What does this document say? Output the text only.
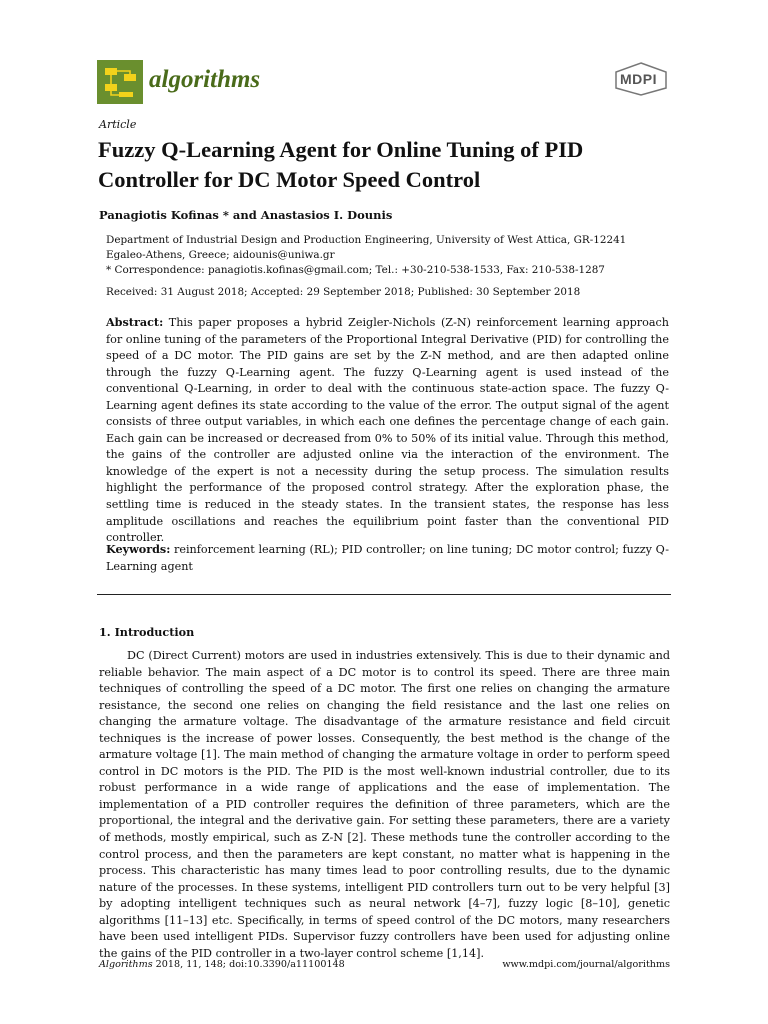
algorithms	MDPI
Article
Fuzzy Q-Learning Agent for Online Tuning of PID Controller for DC Motor Speed Control
Panagiotis Kofinas * and Anastasios I. Dounis
Department of Industrial Design and Production Engineering, University of West Attica, GR-12241 Egaleo-Athens, Greece; aidounis@uniwa.gr
* Correspondence: panagiotis.kofinas@gmail.com; Tel.: +30-210-538-1533, Fax: 210-538-1287
Received: 31 August 2018; Accepted: 29 September 2018; Published: 30 September 2018
Abstract: This paper proposes a hybrid Zeigler-Nichols (Z-N) reinforcement learning approach for online tuning of the parameters of the Proportional Integral Derivative (PID) for controlling the speed of a DC motor. The PID gains are set by the Z-N method, and are then adapted online through the fuzzy Q-Learning agent. The fuzzy Q-Learning agent is used instead of the conventional Q-Learning, in order to deal with the continuous state-action space. The fuzzy Q-Learning agent defines its state according to the value of the error. The output signal of the agent consists of three output variables, in which each one defines the percentage change of each gain. Each gain can be increased or decreased from 0% to 50% of its initial value. Through this method, the gains of the controller are adjusted online via the interaction of the environment. The knowledge of the expert is not a necessity during the setup process. The simulation results highlight the performance of the proposed control strategy. After the exploration phase, the settling time is reduced in the steady states. In the transient states, the response has less amplitude oscillations and reaches the equilibrium point faster than the conventional PID controller.
Keywords: reinforcement learning (RL); PID controller; on line tuning; DC motor control; fuzzy Q-Learning agent
1. Introduction

DC (Direct Current) motors are used in industries extensively. This is due to their dynamic and reliable behavior. The main aspect of a DC motor is to control its speed. There are three main techniques of controlling the speed of a DC motor. The first one relies on changing the armature resistance, the second one relies on changing the field resistance and the last one relies on changing the armature voltage. The disadvantage of the armature resistance and field circuit techniques is the increase of power losses. Consequently, the best method is the change of the armature voltage [1]. The main method of changing the armature voltage in order to perform speed control in DC motors is the PID. The PID is the most well-known industrial controller, due to its robust performance in a wide range of applications and the ease of implementation. The implementation of a PID controller requires the definition of three parameters, which are the proportional, the integral and the derivative gain. For setting these parameters, there are a variety of methods, mostly empirical, such as Z-N [2]. These methods tune the controller according to the control process, and then the parameters are kept constant, no matter what is happening in the process. This characteristic has many times lead to poor controlling results, due to the dynamic nature of the processes. In these systems, intelligent PID controllers turn out to be very helpful [3] by adopting intelligent techniques such as neural network [4–7], fuzzy logic [8–10], genetic algorithms [11–13] etc. Specifically, in terms of speed control of the DC motors, many researchers have been used intelligent PIDs. Supervisor fuzzy controllers have been used for adjusting online the gains of the PID controller in a two-layer control scheme [1,14].

Algorithms 2018, 11, 148; doi:10.3390/a11100148	www.mdpi.com/journal/algorithms
